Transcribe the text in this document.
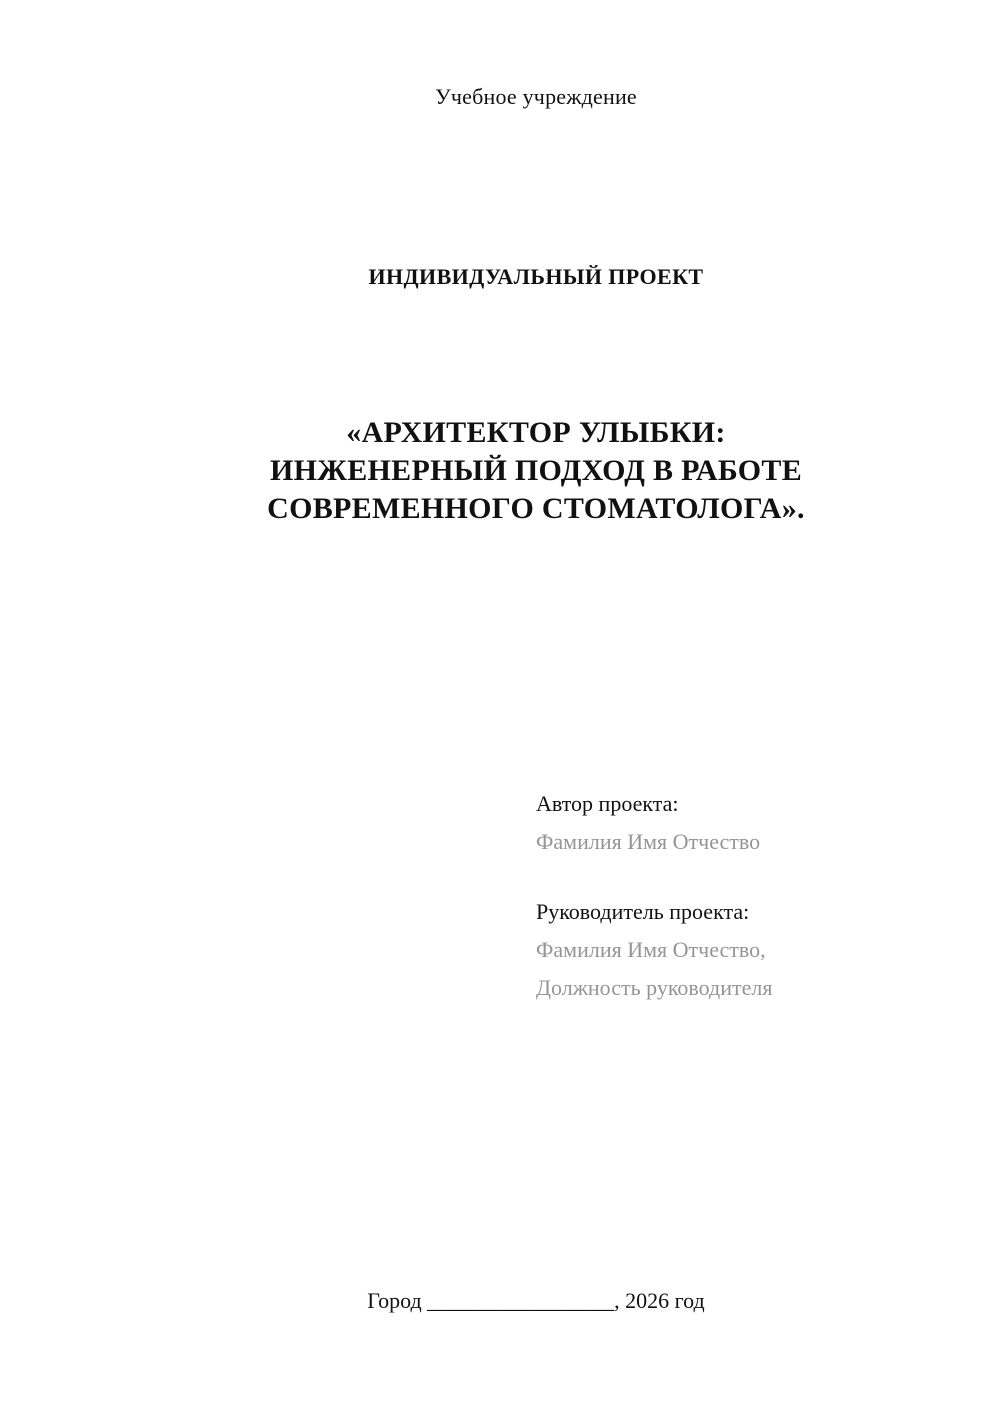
Учебное учреждение
ИНДИВИДУАЛЬНЫЙ ПРОЕКТ
«АРХИТЕКТОР УЛЫБКИ:
ИНЖЕНЕРНЫЙ ПОДХОД В РАБОТЕ
СОВРЕМЕННОГО СТОМАТОЛОГА».
Автор проекта:
Фамилия Имя Отчество
Руководитель проекта:
Фамилия Имя Отчество,
Должность руководителя
Город _________________, 2026 год
